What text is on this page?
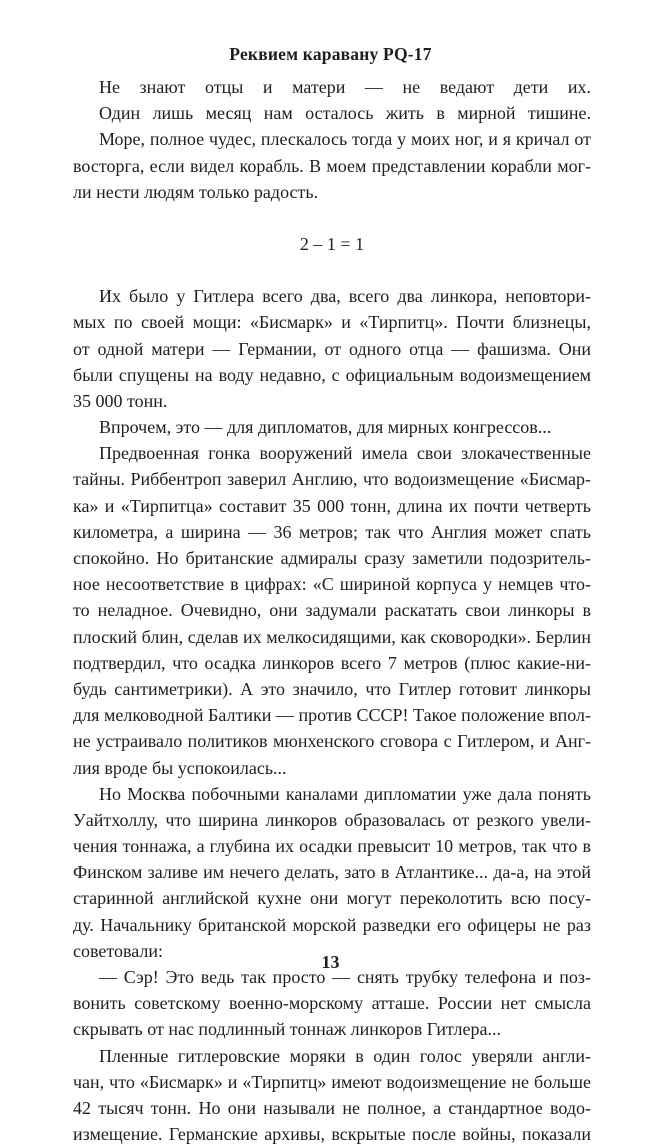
Реквием каравану PQ-17
Не знают отцы и матери — не ведают дети их.
Один лишь месяц нам осталось жить в мирной тишине.
Море, полное чудес, плескалось тогда у моих ног, и я кричал от
восторга, если видел корабль. В моем представлении корабли мог-
ли нести людям только радость.
2 – 1 = 1
Их было у Гитлера всего два, всего два линкора, неповтори-
мых по своей мощи: «Бисмарк» и «Тирпитц». Почти близнецы,
от одной матери — Германии, от одного отца — фашизма. Они
были спущены на воду недавно, с официальным водоизмещением
35 000 тонн.
Впрочем, это — для дипломатов, для мирных конгрессов...
Предвоенная гонка вооружений имела свои злокачественные
тайны. Риббентроп заверил Англию, что водоизмещение «Бисмар-
ка» и «Тирпитца» составит 35 000 тонн, длина их почти четверть
километра, а ширина — 36 метров; так что Англия может спать
спокойно. Но британские адмиралы сразу заметили подозритель-
ное несоответствие в цифрах: «С шириной корпуса у немцев что-
то неладное. Очевидно, они задумали раскатать свои линкоры в
плоский блин, сделав их мелкосидящими, как сковородки». Берлин
подтвердил, что осадка линкоров всего 7 метров (плюс какие-ни-
будь сантиметрики). А это значило, что Гитлер готовит линкоры
для мелководной Балтики — против СССР! Такое положение впол-
не устраивало политиков мюнхенского сговора с Гитлером, и Анг-
лия вроде бы успокоилась...
Но Москва побочными каналами дипломатии уже дала понять
Уайтхоллу, что ширина линкоров образовалась от резкого увели-
чения тоннажа, а глубина их осадки превысит 10 метров, так что в
Финском заливе им нечего делать, зато в Атлантике... да-а, на этой
старинной английской кухне они могут переколотить всю посу-
ду. Начальнику британской морской разведки его офицеры не раз
советовали:
— Сэр! Это ведь так просто — снять трубку телефона и поз-
вонить советскому военно-морскому атташе. России нет смысла
скрывать от нас подлинный тоннаж линкоров Гитлера...
Пленные гитлеровские моряки в один голос уверяли англи-
чан, что «Бисмарк» и «Тирпитц» имеют водоизмещение не больше
42 тысяч тонн. Но они называли не полное, а стандартное водо-
измещение. Германские архивы, вскрытые после войны, показали
13
